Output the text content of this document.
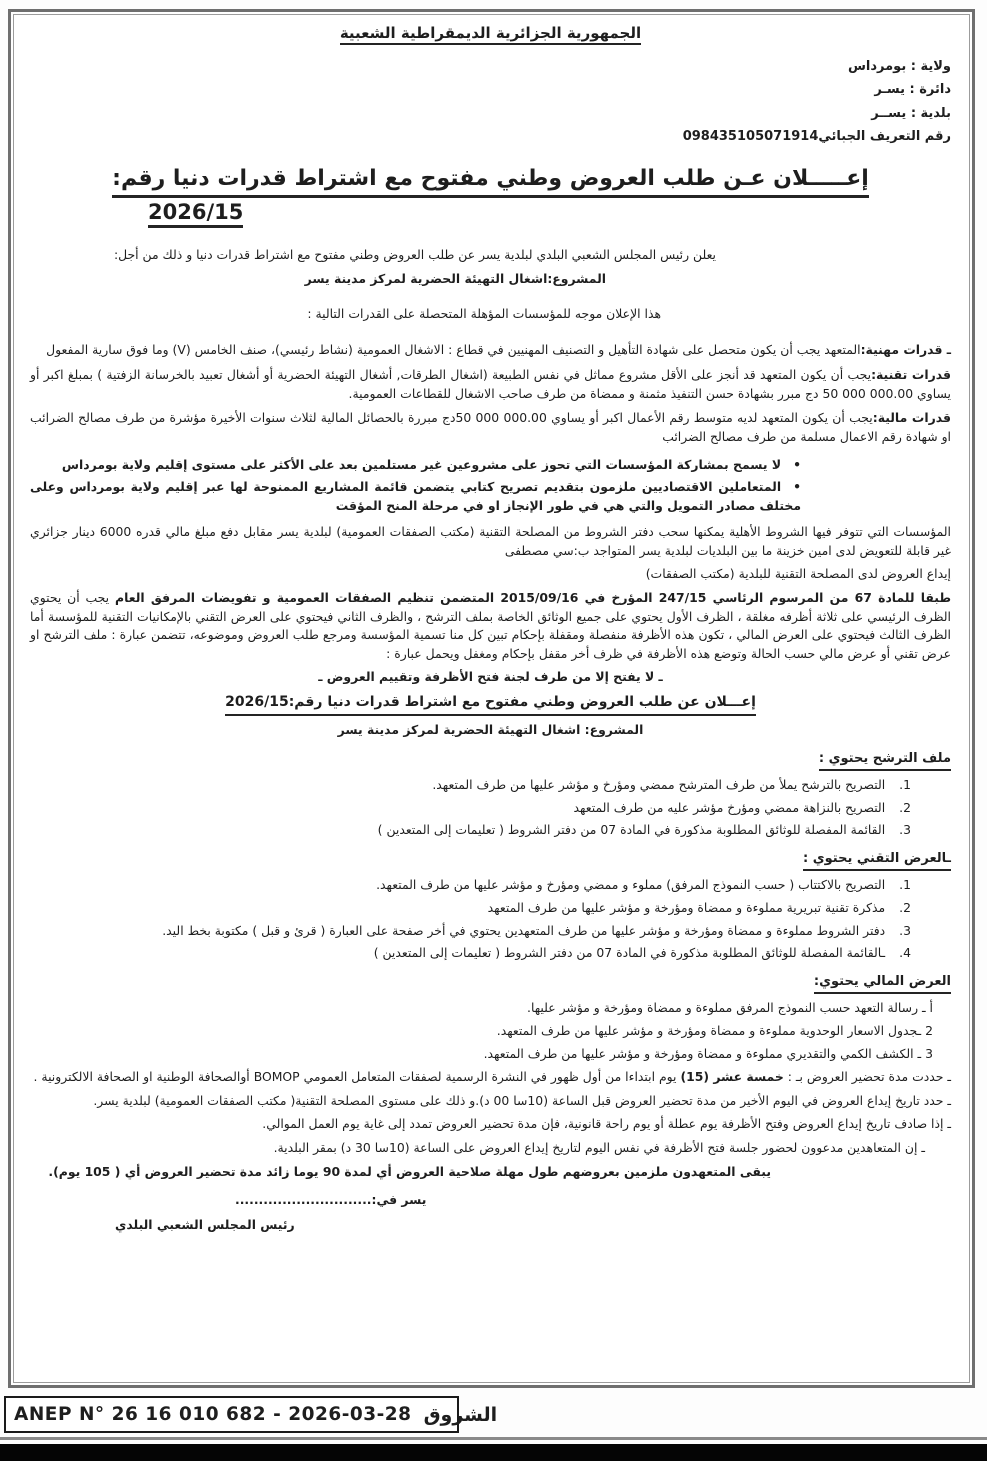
الجمهورية الجزائرية الديمقراطية الشعبية
ولاية : بومرداس
دائرة : يسـر
بلدية : يســر
رقم التعريف الجبائي098435105071914
إعـــــلان عـن طلب العروض وطني مفتوح مع اشتراط قدرات دنيا رقم:
2026/15

يعلن رئيس المجلس الشعبي البلدي لبلدية يسر عن طلب العروض وطني مفتوح مع اشتراط قدرات دنيا و ذلك من أجل:

المشروع:اشغال التهيئة الحضرية لمركز مدينة يسر

هذا الإعلان موجه للمؤسسات المؤهلة المتحصلة على القدرات التالية :

ـ قدرات مهنية:المتعهد يجب أن يكون متحصل على شهادة التأهيل و التصنيف المهنيين في قطاع : الاشغال العمومية (نشاط رئيسي)، صنف الخامس (V) وما فوق سارية المفعول

قدرات تقنية:يجب أن يكون المتعهد قد أنجز على الأقل مشروع مماثل في نفس الطبيعة (اشغال الطرقات, أشغال التهيئة الحضرية أو أشغال تعبيد بالخرسانة الزفتية ) بمبلغ اكبر أو يساوي ‪50 000 000.00‬ دج مبرر بشهادة حسن التنفيذ مثمنة و ممضاة من طرف صاحب الاشغال للقطاعات العمومية.

قدرات مالية:يجب أن يكون المتعهد لديه متوسط رقم الأعمال اكبر أو يساوي ‪50 000 000.00‬دج مبررة بالحصائل المالية لثلاث سنوات الأخيرة مؤشرة من طرف مصالح الضرائب او شهادة رقم الاعمال مسلمة من طرف مصالح الضرائب

•لا يسمح بمشاركة المؤسسات التي تحوز على مشروعين غير مستلمين بعد على الأكثر على مستوى إقليم ولاية بومرداس

•المتعاملين الاقتصاديين ملزمون بتقديم تصريح كتابي يتضمن قائمة المشاريع الممنوحة لها عبر إقليم ولاية بومرداس وعلى مختلف مصادر التمويل والتي هي في طور الإنجاز او في مرحلة المنح المؤقت

المؤسسات التي تتوفر فيها الشروط الأهلية يمكنها سحب دفتر الشروط من المصلحة التقنية (مكتب الصفقات العمومية) لبلدية يسر مقابل دفع مبلغ مالي قدره 6000 دينار جزائري غير قابلة للتعويض لدى امين خزينة ما بين البلديات لبلدية يسر المتواجد ب:سي مصطفى

إيداع العروض لدى المصلحة التقنية للبلدية (مكتب الصفقات)

طبقا للمادة 67 من المرسوم الرئاسي 247/15 المؤرخ في 2015/09/16 المتضمن تنظيم الصفقات العمومية و تفويضات المرفق العام يجب أن يحتوي الظرف الرئيسي على ثلاثة أظرفه مغلقة ، الظرف الأول يحتوي على جميع الوثائق الخاصة بملف الترشح ، والظرف الثاني فيحتوي على العرض التقني بالإمكانيات التقنية للمؤسسة أما الظرف الثالث فيحتوي على العرض المالي ، تكون هذه الأظرفة منفصلة ومقفلة بإحكام تبين كل منا تسمية المؤسسة ومرجع طلب العروض وموضوعه، تتضمن عبارة : ملف الترشح او عرض تقني أو عرض مالي حسب الحالة وتوضع هذه الأظرفة في ظرف أخر مقفل بإحكام ومغفل ويحمل عبارة :

ـ لا يفتح إلا من طرف لجنة فتح الأظرفة وتقييم العروض ـ

إعـــلان عن طلب العروض وطني مفتوح مع اشتراط قدرات دنيا رقم:2026/15

المشروع: اشغال التهيئة الحضرية لمركز مدينة يسر

ملف الترشح يحتوي :

1.التصريح بالترشح يملأ من طرف المترشح ممضي ومؤرخ و مؤشر عليها من طرف المتعهد.

2.التصريح بالنزاهة ممضي ومؤرخ مؤشر عليه من طرف المتعهد

3.القائمة المفصلة للوثائق المطلوبة مذكورة في المادة 07 من دفتر الشروط ( تعليمات إلى المتعدين )

ـالعرض التقني يحتوي :

1.التصريح بالاكتتاب ( حسب النموذج المرفق) مملوء و ممضي ومؤرخ و مؤشر عليها من طرف المتعهد.

2.مذكرة تقنية تبريرية مملوءة و ممضاة ومؤرخة و مؤشر عليها من طرف المتعهد

3.دفتر الشروط مملوءة و ممضاة ومؤرخة و مؤشر عليها من طرف المتعهدين يحتوي في أخر صفحة على العبارة ( قرئ و قبل ) مكتوبة بخط اليد.

4.ـالقائمة المفصلة للوثائق المطلوبة مذكورة في المادة 07 من دفتر الشروط ( تعليمات إلى المتعدين )

العرض المالي يحتوي:

أ ـ رسالة التعهد حسب النموذج المرفق مملوءة و ممضاة ومؤرخة و مؤشر عليها.

2 ـجدول الاسعار الوحدوية مملوءة و ممضاة ومؤرخة و مؤشر عليها من طرف المتعهد.

3 ـ الكشف الكمي والتقديري مملوءة و ممضاة ومؤرخة و مؤشر عليها من طرف المتعهد.

ـ حددت مدة تحضير العروض بـ : خمسة عشر (15) يوم ابتداءا من أول ظهور في النشرة الرسمية لصفقات المتعامل العمومي BOMOP أوالصحافة الوطنية او الصحافة الالكترونية .

ـ حدد تاريخ إيداع العروض في اليوم الأخير من مدة تحضير العروض قبل الساعة (10سا 00 د).و ذلك على مستوى المصلحة التقنية( مكتب الصفقات العمومية) لبلدية يسر.

ـ إذا صادف تاريخ إيداع العروض وفتح الأظرفة يوم عطلة أو يوم راحة قانونية، فإن مدة تحضير العروض تمدد إلى غاية يوم العمل الموالي.

ـ إن المتعاهدين مدعوون لحضور جلسة فتح الأظرفة في نفس اليوم لتاريخ إيداع العروض على الساعة (10سا 30 د) بمقر البلدية.

يبقى المتعهدون ملزمين بعروضهم طول مهلة صلاحية العروض أي لمدة 90 يوما زائد مدة تحضير العروض أي ( 105 يوم).

يسر في:.............................

رئيس المجلس الشعبي البلدي

ANEP N° 26 16 010 682 - 2026-03-28 الشروق
